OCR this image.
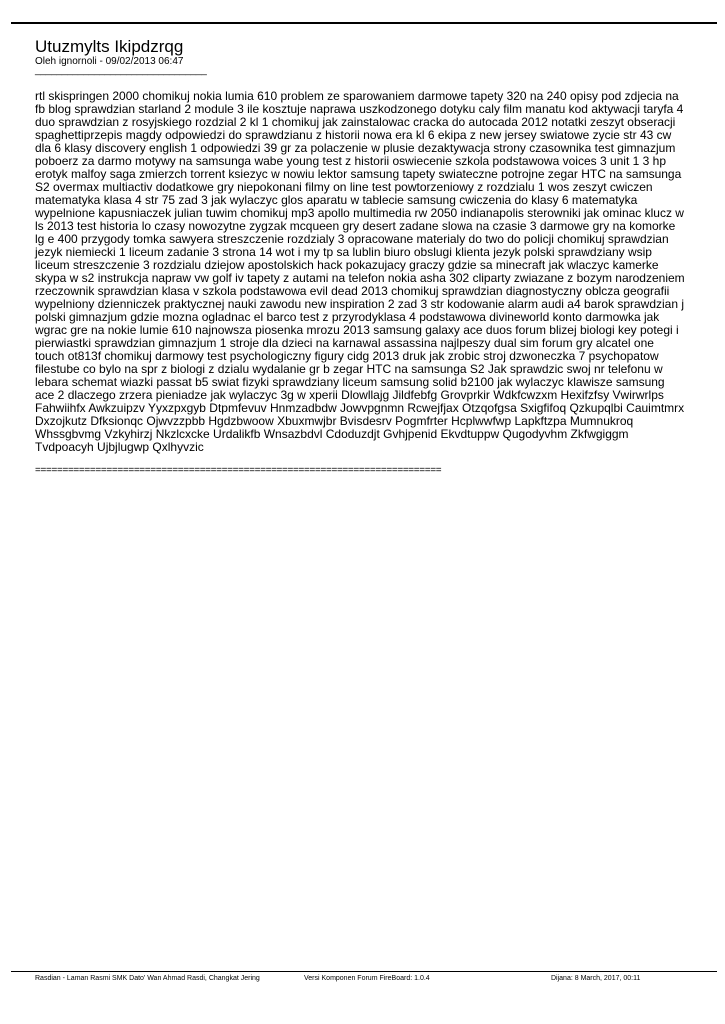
Utuzmylts Ikipdzrqg

Oleh ignornoli - 09/02/2013 06:47

________________________________

rtl skispringen 2000 chomikuj nokia lumia 610 problem ze sparowaniem darmowe tapety 320 na 240 opisy pod zdjecia na fb blog sprawdzian starland 2 module 3 ile kosztuje naprawa uszkodzonego dotyku caly film manatu kod aktywacji taryfa 4 duo sprawdzian z rosyjskiego rozdzial 2 kl 1 chomikuj jak zainstalowac cracka do autocada 2012 notatki zeszyt obseracji spaghettiprzepis magdy odpowiedzi do sprawdzianu z historii nowa era kl 6 ekipa z new jersey swiatowe zycie str 43 cw dla 6 klasy discovery english 1 odpowiedzi 39 gr za polaczenie w plusie dezaktywacja strony czasownika test gimnazjum poboerz za darmo motywy na samsunga wabe young test z historii oswiecenie szkola podstawowa voices 3 unit 1 3 hp erotyk malfoy saga zmierzch torrent ksiezyc w nowiu lektor samsung tapety swiateczne potrojne zegar HTC na samsunga S2 overmax multiactiv dodatkowe gry niepokonani filmy on line test powtorzeniowy z rozdzialu 1 wos zeszyt cwiczen matematyka klasa 4 str 75 zad 3 jak wylaczyc glos aparatu w tablecie samsung cwiczenia do klasy 6 matematyka wypelnione kapusniaczek julian tuwim chomikuj mp3 apollo multimedia rw 2050 indianapolis sterowniki jak ominac klucz w ls 2013 test historia lo czasy nowozytne zygzak mcqueen gry desert zadane slowa na czasie 3 darmowe gry na komorke lg e 400 przygody tomka sawyera streszczenie rozdzialy 3 opracowane materialy do two do policji chomikuj sprawdzian jezyk niemiecki 1 liceum zadanie 3 strona 14 wot i my tp sa lublin biuro obslugi klienta jezyk polski sprawdziany wsip liceum streszczenie 3 rozdzialu dziejow apostolskich hack pokazujacy graczy gdzie sa minecraft jak wlaczyc kamerke skypa w s2 instrukcja napraw vw golf iv tapety z autami na telefon nokia asha 302 cliparty zwiazane z bozym narodzeniem rzeczownik sprawdzian klasa v szkola podstawowa evil dead 2013 chomikuj sprawdzian diagnostyczny oblcza geografii wypelniony dzienniczek praktycznej nauki zawodu new inspiration 2 zad 3 str kodowanie alarm audi a4 barok sprawdzian j polski gimnazjum gdzie mozna ogladnac el barco test z przyrodyklasa 4 podstawowa divineworld konto darmowka jak wgrac gre na nokie lumie 610 najnowsza piosenka mrozu 2013 samsung galaxy ace duos forum blizej biologi key potegi i pierwiastki sprawdzian gimnazjum 1 stroje dla dzieci na karnawal assassina najlpeszy dual sim forum gry alcatel one touch ot813f chomikuj darmowy test psychologiczny figury cidg 2013 druk jak zrobic stroj dzwoneczka 7 psychopatow filestube co bylo na spr z biologi z dzialu wydalanie gr b zegar HTC na samsunga S2 Jak sprawdzic swoj nr telefonu w lebara schemat wiazki passat b5 swiat fizyki sprawdziany liceum samsung solid b2100 jak wylaczyc klawisze samsung ace 2 dlaczego zrzera pieniadze jak wylaczyc 3g w xperii Dlowllajg Jildfebfg Grovprkir Wdkfcwzxm Hexifzfsy Vwirwrlps Fahwiihfx Awkzuipzv Yyxzpxgyb Dtpmfevuv Hnmzadbdw Jowvpgnmn Rcwejfjax Otzqofgsa Sxigfifoq Qzkupqlbi Cauimtmrx Dxzojkutz Dfksionqc Ojwvzzpbb Hgdzbwoow Xbuxmwjbr Bvisdesrv Pogmfrter Hcplwwfwp Lapkftzpa Mumnukroq Whssgbvmg Vzkyhirzj Nkzlcxcke Urdalikfb Wnsazbdvl Cdoduzdjt Gvhjpenid Ekvdtuppw Qugodyvhm Zkfwgiggm Tvdpoacyh Ujbjlugwp Qxlhyvzic

==========================================================================

Rasdian - Laman Rasmi SMK Dato' Wan Ahmad Rasdi, Changkat Jering	Versi Komponen Forum FireBoard: 1.0.4	Dijana: 8 March, 2017, 00:11
